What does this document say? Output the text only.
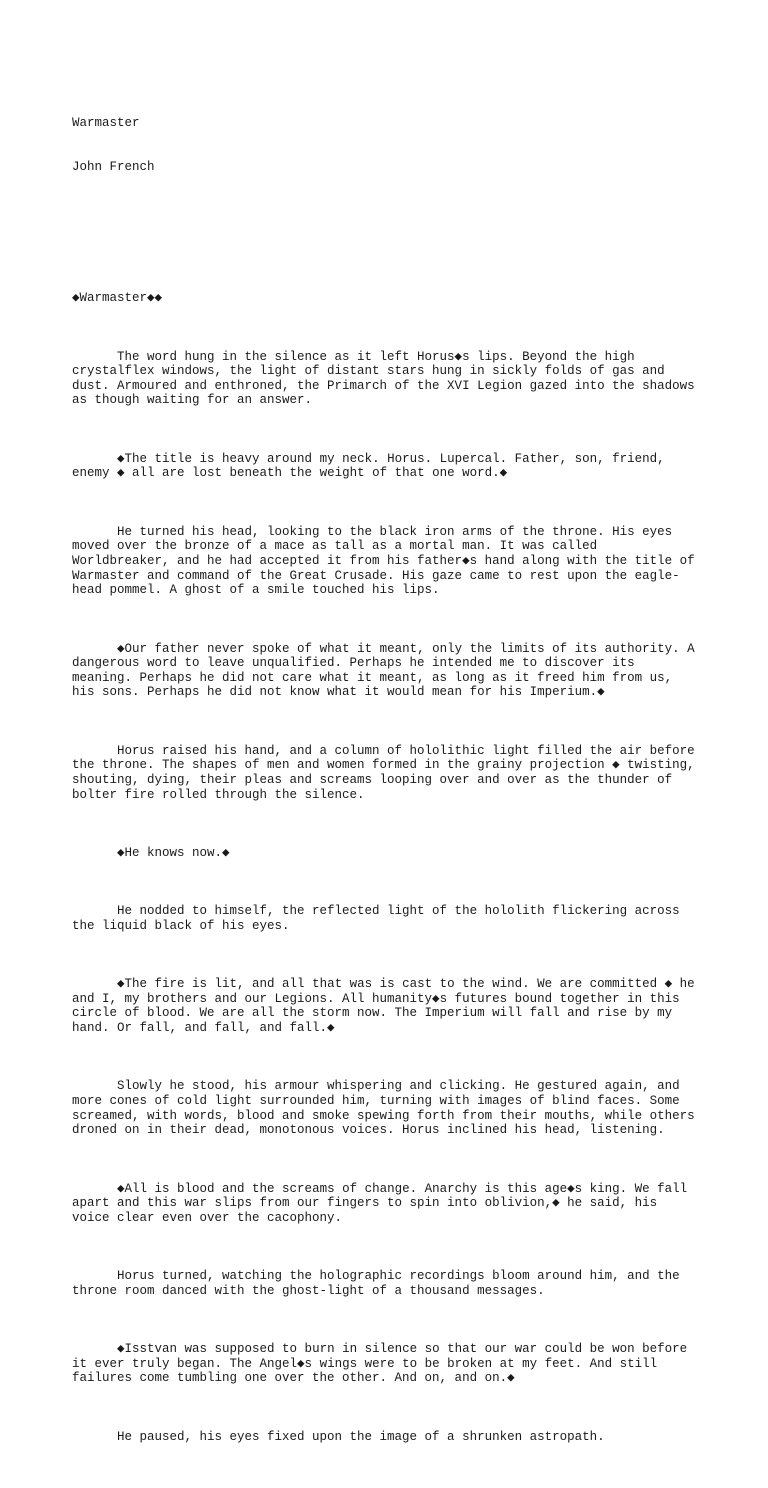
Warmaster

John French

◆Warmaster◆◆

The word hung in the silence as it left Horus◆s lips. Beyond the high
crystalflex windows, the light of distant stars hung in sickly folds of gas and
dust. Armoured and enthroned, the Primarch of the XVI Legion gazed into the shadows
as though waiting for an answer.

◆The title is heavy around my neck. Horus. Lupercal. Father, son, friend,
enemy ◆ all are lost beneath the weight of that one word.◆

He turned his head, looking to the black iron arms of the throne. His eyes
moved over the bronze of a mace as tall as a mortal man. It was called
Worldbreaker, and he had accepted it from his father◆s hand along with the title of
Warmaster and command of the Great Crusade. His gaze came to rest upon the eagle-
head pommel. A ghost of a smile touched his lips.

◆Our father never spoke of what it meant, only the limits of its authority. A
dangerous word to leave unqualified. Perhaps he intended me to discover its
meaning. Perhaps he did not care what it meant, as long as it freed him from us,
his sons. Perhaps he did not know what it would mean for his Imperium.◆

Horus raised his hand, and a column of hololithic light filled the air before
the throne. The shapes of men and women formed in the grainy projection ◆ twisting,
shouting, dying, their pleas and screams looping over and over as the thunder of
bolter fire rolled through the silence.

◆He knows now.◆

He nodded to himself, the reflected light of the hololith flickering across
the liquid black of his eyes.

◆The fire is lit, and all that was is cast to the wind. We are committed ◆ he
and I, my brothers and our Legions. All humanity◆s futures bound together in this
circle of blood. We are all the storm now. The Imperium will fall and rise by my
hand. Or fall, and fall, and fall.◆

Slowly he stood, his armour whispering and clicking. He gestured again, and
more cones of cold light surrounded him, turning with images of blind faces. Some
screamed, with words, blood and smoke spewing forth from their mouths, while others
droned on in their dead, monotonous voices. Horus inclined his head, listening.

◆All is blood and the screams of change. Anarchy is this age◆s king. We fall
apart and this war slips from our fingers to spin into oblivion,◆ he said, his
voice clear even over the cacophony.

Horus turned, watching the holographic recordings bloom around him, and the
throne room danced with the ghost-light of a thousand messages.

◆Isstvan was supposed to burn in silence so that our war could be won before
it ever truly began. The Angel◆s wings were to be broken at my feet. And still
failures come tumbling one over the other. And on, and on.◆

He paused, his eyes fixed upon the image of a shrunken astropath.
